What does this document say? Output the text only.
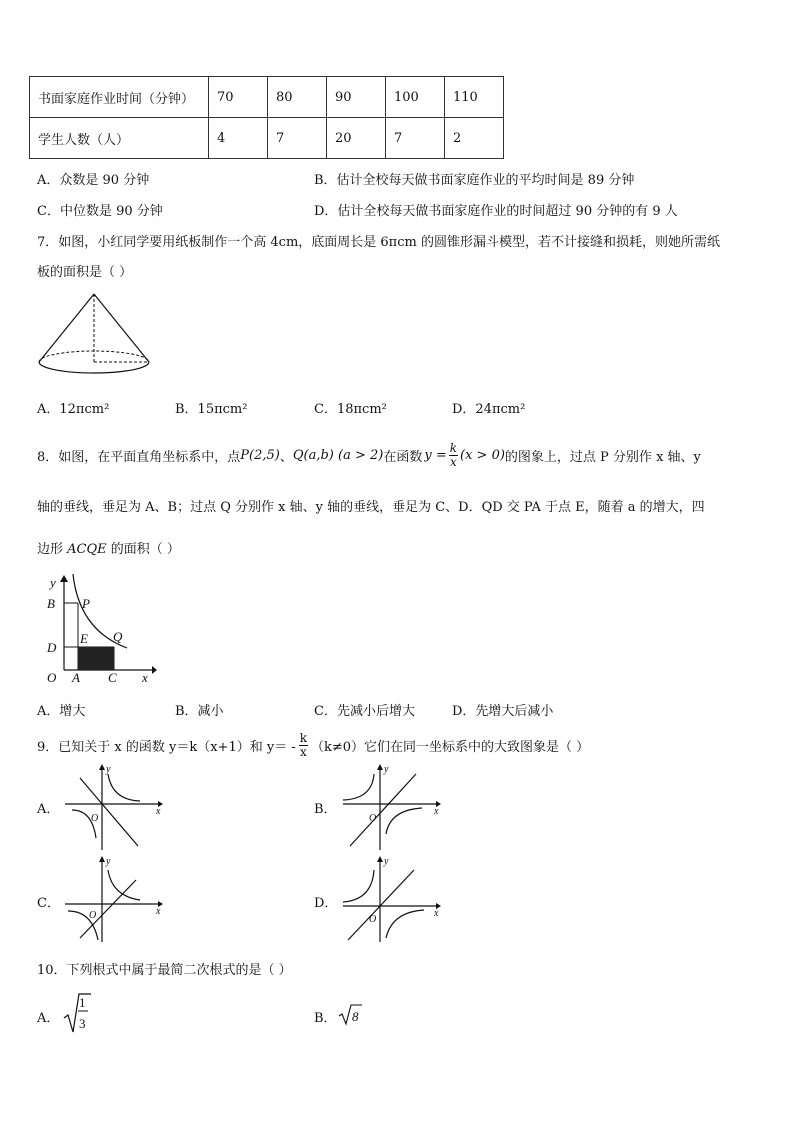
书面家庭作业时间（分钟）	70	80	90	100	110
学生人数（人）	4	7	20	7	2
A．众数是 90 分钟	B．估计全校每天做书面家庭作业的平均时间是 89 分钟
C．中位数是 90 分钟	D．估计全校每天做书面家庭作业的时间超过 90 分钟的有 9 人
7．如图，小红同学要用纸板制作一个高 4cm，底面周长是 6πcm 的圆锥形漏斗模型，若不计接缝和损耗，则她所需纸
板的面积是（ ）
A．12πcm²	B．15πcm²	C．18πcm²	D．24πcm²
8．如图，在平面直角坐标系中，点 P(2,5) 、 Q(a,b) (a > 2) 在函数 $y = \frac{k}{x} (x > 0)$ 的图象上，过点 P 分别作 x 轴、y
轴的垂线，垂足为 A、B；过点 Q 分别作 x 轴、y 轴的垂线，垂足为 C、D．QD 交 PA 于点 E，随着 a 的增大，四
边形 ACQE 的面积（ ）
y
x
B P
E Q
D
O A C
A．增大	B．减小	C．先减小后增大	D．先增大后减小
9．已知关于 x 的函数 y＝k（x+1）和 $y= - \frac{k}{x} (k\ne 0)$它们在同一坐标系中的大致图象是（ ）
A．
y
x
O
B．
y
x
O
C．
y
x
O
D．
y
x
O
10．下列根式中属于最简二次根式的是（ ）
A．
1
3	B． 8
